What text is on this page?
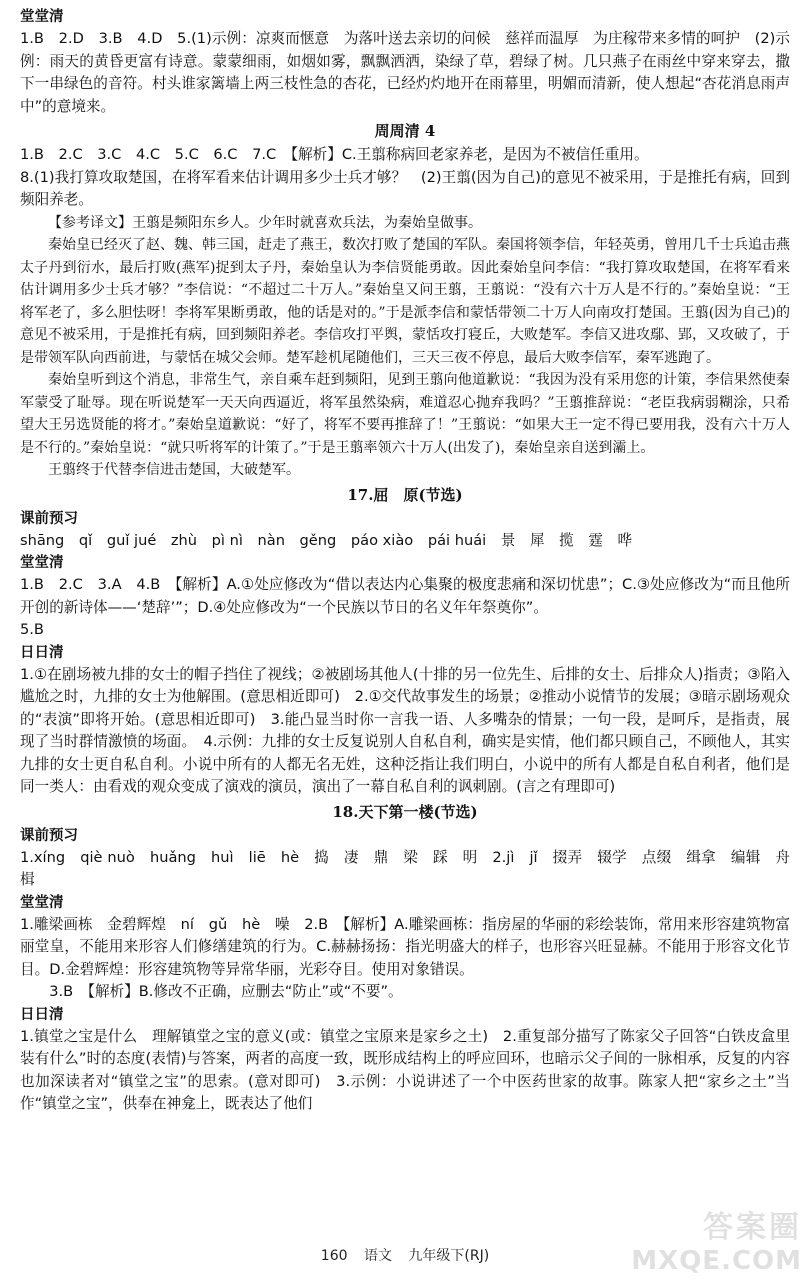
堂堂清
1.B　2.D　3.B　4.D　5.(1)示例：凉爽而惬意　为落叶送去亲切的问候　慈祥而温厚　为庄稼带来多情的呵护　(2)示例：雨天的黄昏更富有诗意。蒙蒙细雨，如烟如雾，飘飘洒洒，染绿了草，碧绿了树。几只燕子在雨丝中穿来穿去，撒下一串绿色的音符。村头谁家篱墙上两三枝性急的杏花，已经灼灼地开在雨幕里，明媚而清新，使人想起“杏花消息雨声中”的意境来。
周周清 4
1.B　2.C　3.C　4.C　5.C　6.C　7.C　【解析】C.王翦称病回老家养老，是因为不被信任重用。
8.(1)我打算攻取楚国，在将军看来估计调用多少士兵才够？　(2)王翦(因为自己)的意见不被采用，于是推托有病，回到频阳养老。
【参考译文】王翦是频阳东乡人。少年时就喜欢兵法，为秦始皇做事。
秦始皇已经灭了赵、魏、韩三国，赶走了燕王，数次打败了楚国的军队。秦国将领李信，年轻英勇，曾用几千士兵追击燕太子丹到衍水，最后打败(燕军)捉到太子丹，秦始皇认为李信贤能勇敢。因此秦始皇问李信：“我打算攻取楚国，在将军看来估计调用多少士兵才够？”李信说：“不超过二十万人。”秦始皇又问王翦，王翦说：“没有六十万人是不行的。”秦始皇说：“王将军老了，多么胆怯呀！李将军果断勇敢，他的话是对的。”于是派李信和蒙恬带领二十万人向南攻打楚国。王翦(因为自己)的意见不被采用，于是推托有病，回到频阳养老。李信攻打平舆，蒙恬攻打寝丘，大败楚军。李信又进攻鄢、郢，又攻破了，于是带领军队向西前进，与蒙恬在城父会师。楚军趁机尾随他们，三天三夜不停息，最后大败李信军，秦军逃跑了。
秦始皇听到这个消息，非常生气，亲自乘车赶到频阳，见到王翦向他道歉说：“我因为没有采用您的计策，李信果然使秦军蒙受了耻辱。现在听说楚军一天天向西逼近，将军虽然染病，难道忍心抛弃我吗？”王翦推辞说：“老臣我病弱糊涂，只希望大王另选贤能的将才。”秦始皇道歉说：“好了，将军不要再推辞了！”王翦说：“如果大王一定不得已要用我，没有六十万人是不行的。”秦始皇说：“就只听将军的计策了。”于是王翦率领六十万人(出发了)，秦始皇亲自送到灞上。
王翦终于代替李信进击楚国，大破楚军。
17.屈　原(节选)
课前预习
shāng　qǐ　guǐ jué　zhù　pì nì　nàn　gěng　páo xiào　pái huái　景　犀　揽　霆　哗
堂堂清
1.B　2.C　3.A　4.B　【解析】A.①处应修改为“借以表达内心集聚的极度悲痛和深切忧患”；C.③处应修改为“而且他所开创的新诗体——‘楚辞’”；D.④处应修改为“一个民族以节日的名义年年祭奠你”。
5.B
日日清
1.①在剧场被九排的女士的帽子挡住了视线；②被剧场其他人(十排的另一位先生、后排的女士、后排众人)指责；③陷入尴尬之时，九排的女士为他解围。(意思相近即可)　2.①交代故事发生的场景；②推动小说情节的发展；③暗示剧场观众的“表演”即将开始。(意思相近即可)　3.能凸显当时你一言我一语、人多嘴杂的情景；一句一段，是呵斥，是指责，展现了当时群情激愤的场面。　4.示例：九排的女士反复说别人自私自利，确实是实情，他们都只顾自己，不顾他人，其实九排的女士更自私自利。小说中所有的人都无名无姓，这种泛指让我们明白，小说中的所有人都是自私自利者，他们是同一类人：由看戏的观众变成了演戏的演员，演出了一幕自私自利的讽刺剧。(言之有理即可)
18.天下第一楼(节选)
课前预习
1.xíng　qiè nuò　huǎng　huì　liē　hè　捣　凄　鼎　梁　踩　明　2.jì　jǐ　掇弄　辍学　点缀　缉拿　编辑　舟楫
堂堂清
1.雕梁画栋　金碧辉煌　ní　gǔ　hè　噪　2.B　【解析】A.雕梁画栋：指房屋的华丽的彩绘装饰，常用来形容建筑物富丽堂皇，不能用来形容人们修缮建筑的行为。C.赫赫扬扬：指光明盛大的样子，也形容兴旺显赫。不能用于形容文化节目。D.金碧辉煌：形容建筑物等异常华丽，光彩夺目。使用对象错误。
3.B　【解析】B.修改不正确，应删去“防止”或“不要”。
日日清
1.镇堂之宝是什么　理解镇堂之宝的意义(或：镇堂之宝原来是家乡之土)　2.重复部分描写了陈家父子回答“白铁皮盒里装有什么”时的态度(表情)与答案，两者的高度一致，既形成结构上的呼应回环，也暗示父子间的一脉相承，反复的内容也加深读者对“镇堂之宝”的思索。(意对即可)　3.示例：小说讲述了一个中医药世家的故事。陈家人把“家乡之土”当作“镇堂之宝”，供奉在神龛上，既表达了他们
160 语文 九年级下(RJ)
答案圈
MXQE.COM
